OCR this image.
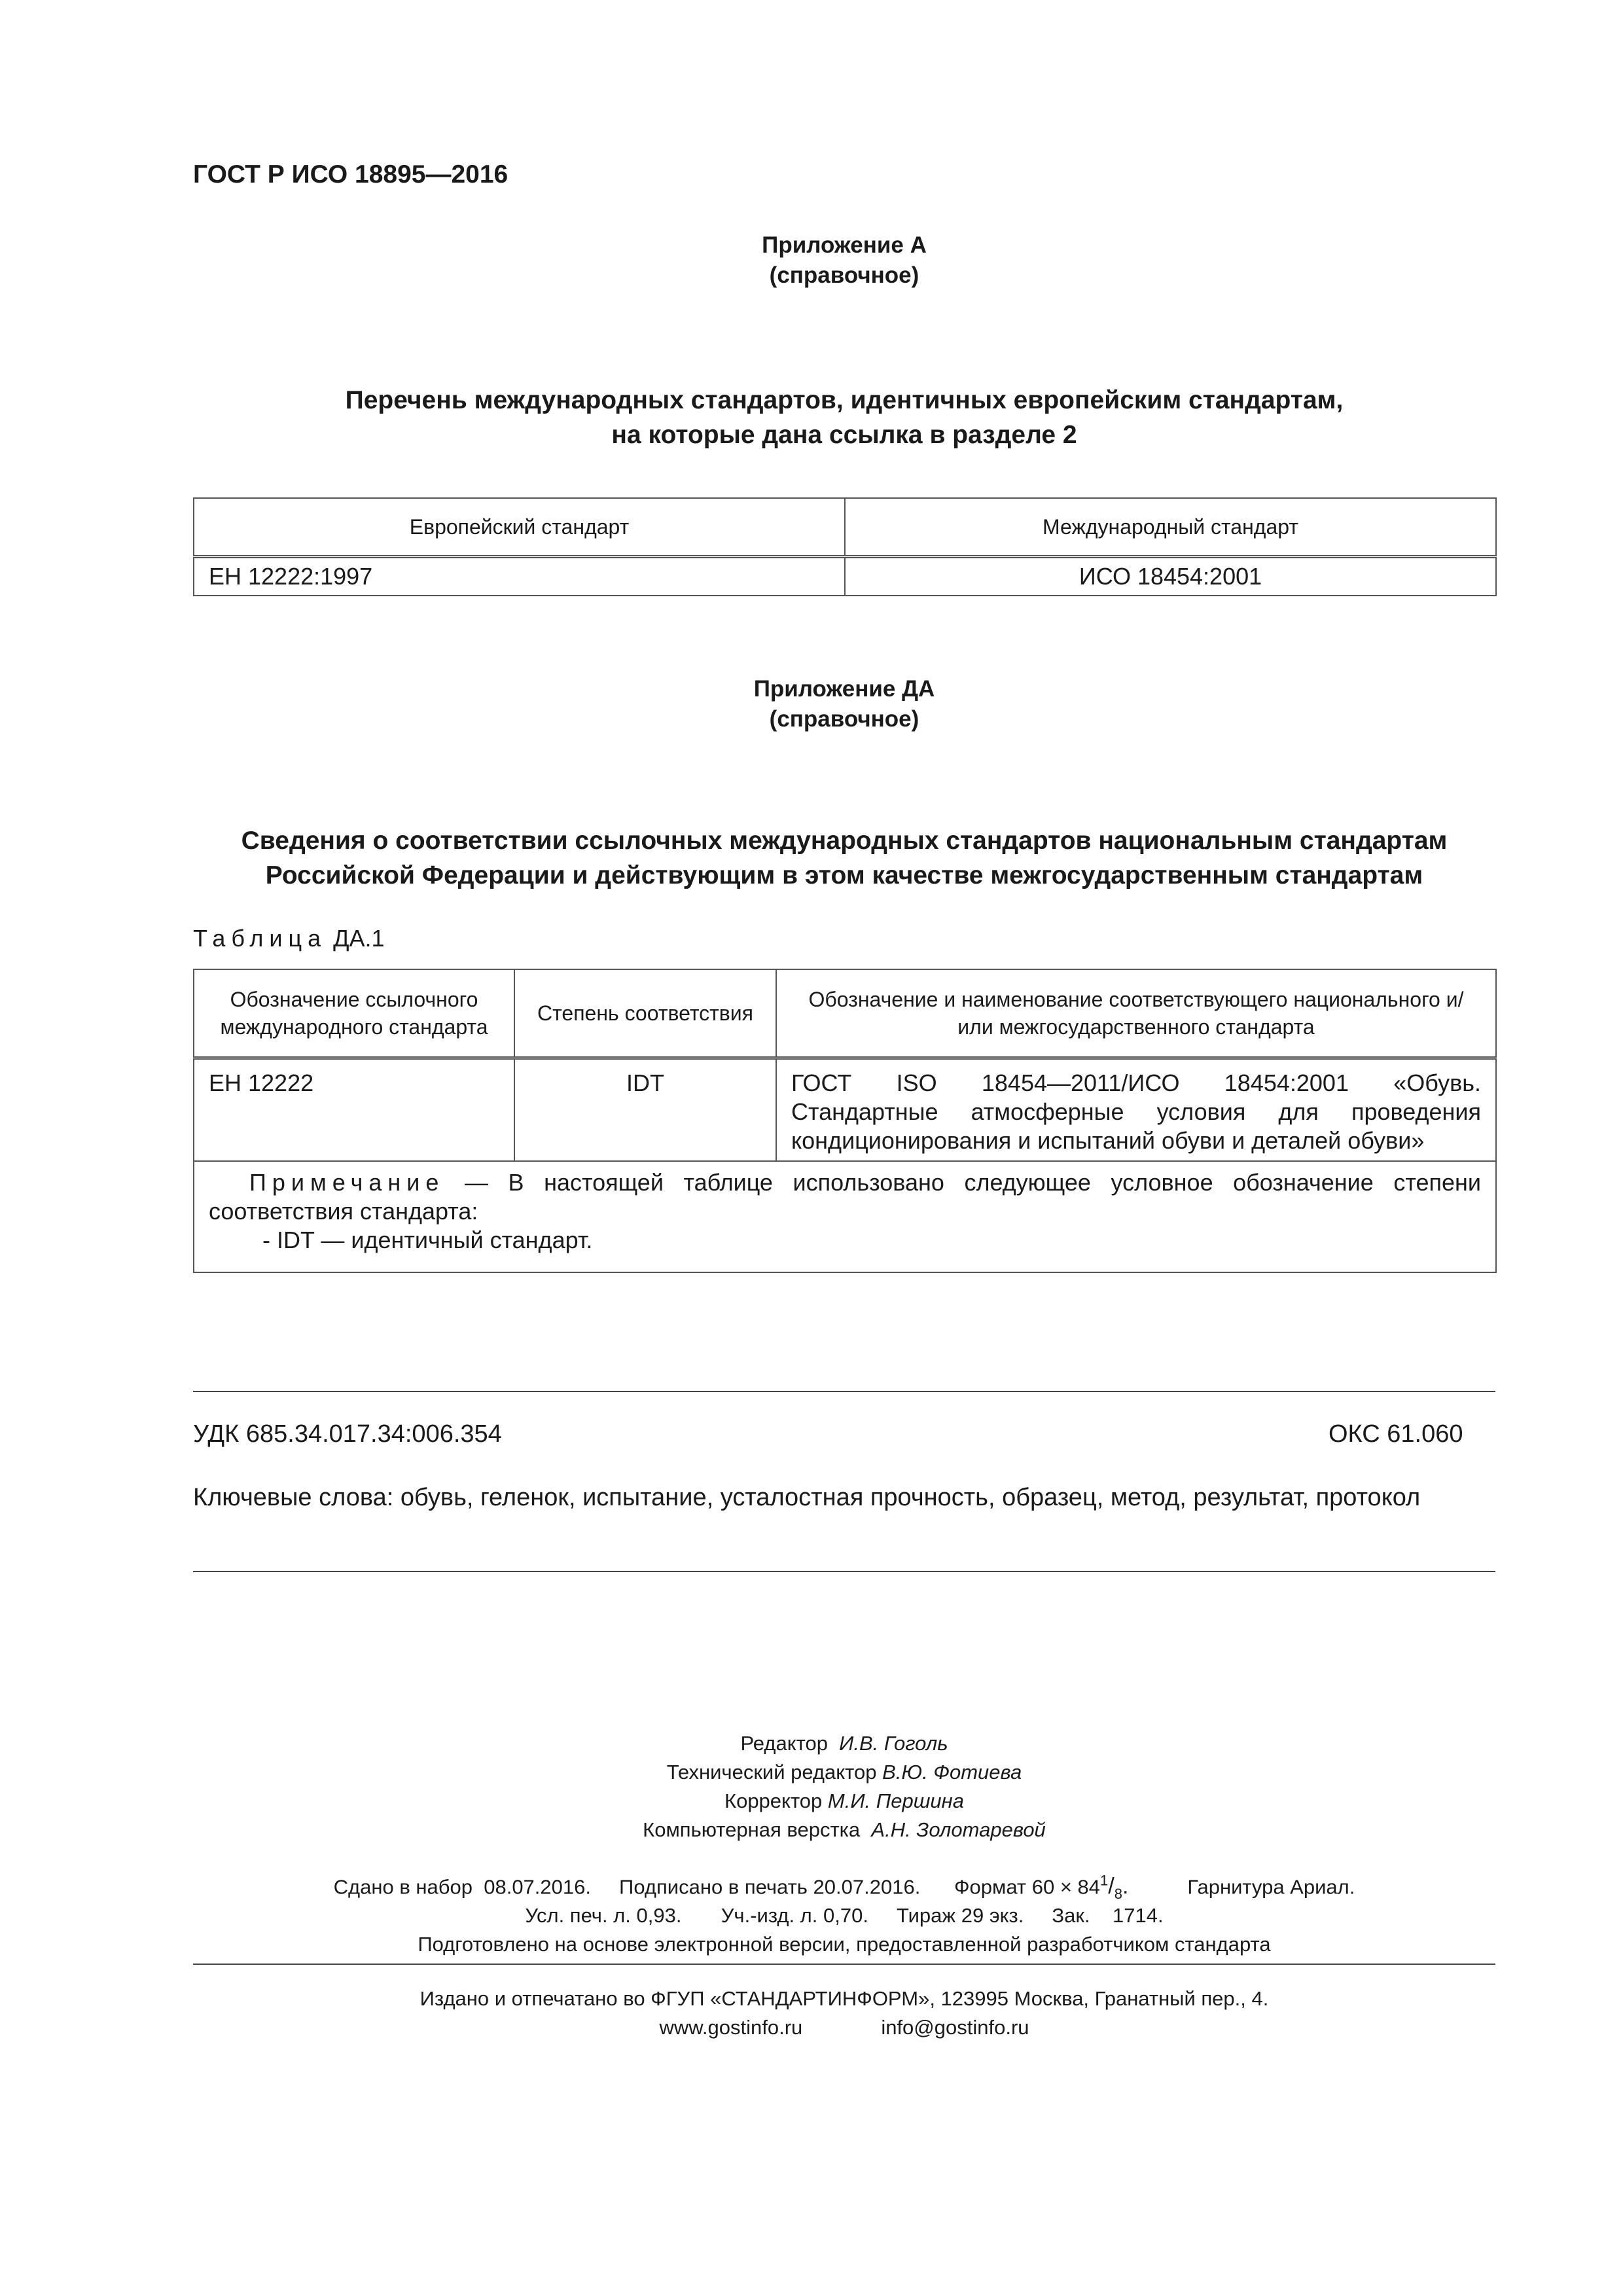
ГОСТ Р ИСО 18895—2016
Приложение А
(справочное)
Перечень международных стандартов, идентичных европейским стандартам,
на которые дана ссылка в разделе 2
Европейский стандарт	Международный стандарт
ЕН 12222:1997	ИСО 18454:2001
Приложение ДА
(справочное)
Сведения о соответствии ссылочных международных стандартов национальным стандартам
Российской Федерации и действующим в этом качестве межгосударственным стандартам
Таблица ДА.1
Обозначение ссылочного международного стандарта	Степень соответствия	Обозначение и наименование соответствующего национального и/или межгосударственного стандарта
ЕН 12222	IDT	ГОСТ ISO 18454—2011/ИСО 18454:2001 «Обувь. Стандартные атмосферные условия для проведения кондиционирования и испытаний обуви и деталей обуви»

Примечание — В настоящей таблице использовано следующее условное обозначение степени соответствия стандарта:
- IDT — идентичный стандарт.		
УДК 685.34.017.34:006.354	ОКС 61.060
Ключевые слова: обувь, геленок, испытание, усталостная прочность, образец, метод, результат, протокол
Редактор И.В. Гоголь
Технический редактор В.Ю. Фотиева
Корректор М.И. Першина
Компьютерная верстка А.Н. Золотаревой
Сдано в набор  08.07.2016.     Подписано в печать 20.07.2016.      Формат $60 \times 84^1/_8$.	Гарнитура Ариал.
Усл. печ. л. 0,93.       Уч.-изд. л. 0,70.     Тираж 29 экз.     Зак.    1714.
Подготовлено на основе электронной версии, предоставленной разработчиком стандарта
Издано и отпечатано во ФГУП «СТАНДАРТИНФОРМ», 123995 Москва, Гранатный пер., 4.
www.gostinfo.ru	info@gostinfo.ru
